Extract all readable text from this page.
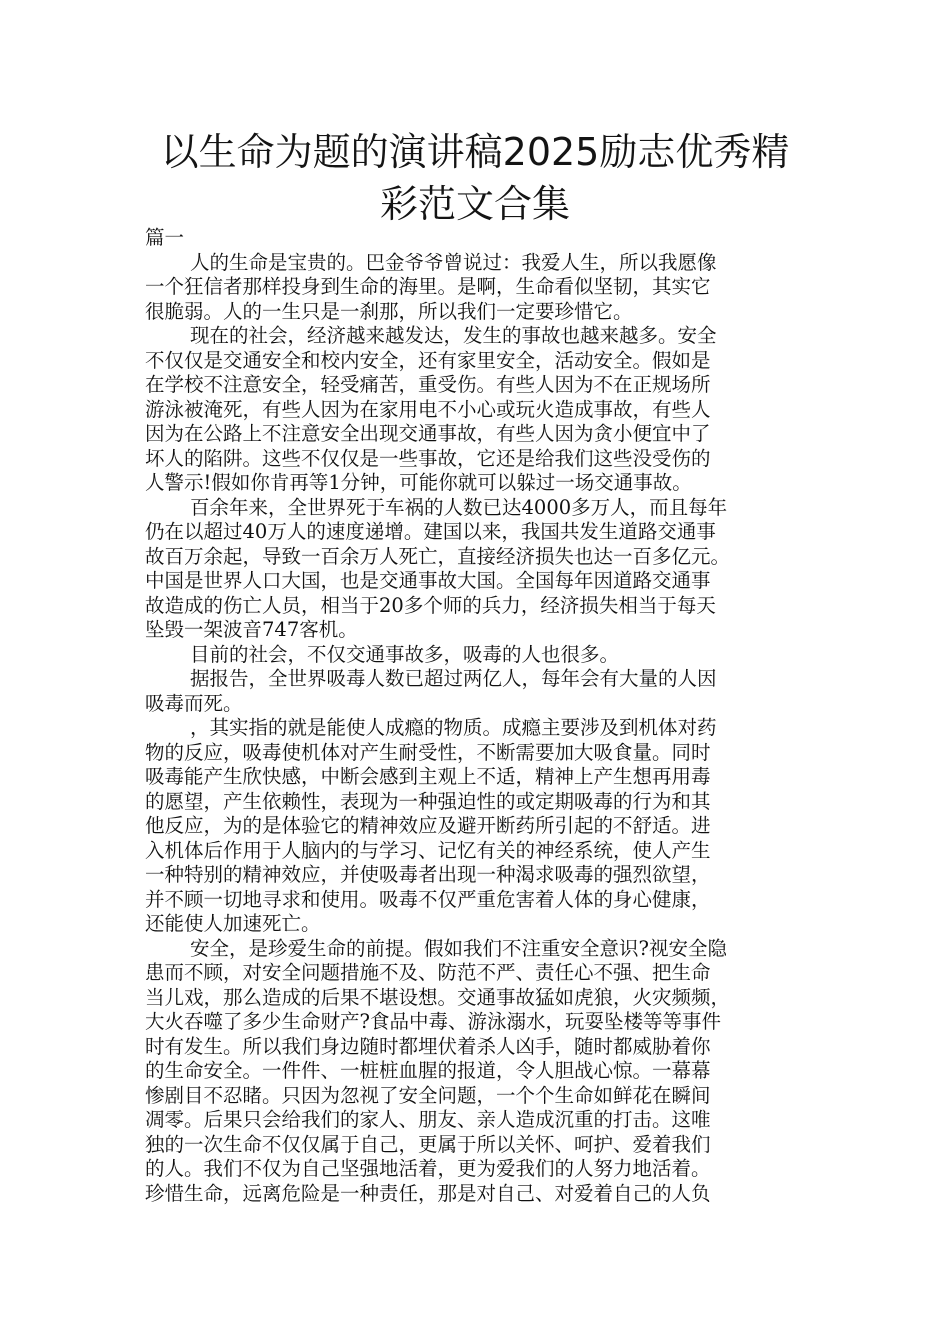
以生命为题的演讲稿2025励志优秀精
彩范文合集
篇一
人的生命是宝贵的。巴金爷爷曾说过：我爱人生，所以我愿像
一个狂信者那样投身到生命的海里。是啊，生命看似坚韧，其实它
很脆弱。人的一生只是一刹那，所以我们一定要珍惜它。
现在的社会，经济越来越发达，发生的事故也越来越多。安全
不仅仅是交通安全和校内安全，还有家里安全，活动安全。假如是
在学校不注意安全，轻受痛苦，重受伤。有些人因为不在正规场所
游泳被淹死，有些人因为在家用电不小心或玩火造成事故，有些人
因为在公路上不注意安全出现交通事故，有些人因为贪小便宜中了
坏人的陷阱。这些不仅仅是一些事故，它还是给我们这些没受伤的
人警示!假如你肯再等1分钟，可能你就可以躲过一场交通事故。
百余年来，全世界死于车祸的人数已达4000多万人，而且每年
仍在以超过40万人的速度递增。建国以来，我国共发生道路交通事
故百万余起，导致一百余万人死亡，直接经济损失也达一百多亿元。
中国是世界人口大国，也是交通事故大国。全国每年因道路交通事
故造成的伤亡人员，相当于20多个师的兵力，经济损失相当于每天
坠毁一架波音747客机。
目前的社会，不仅交通事故多，吸毒的人也很多。
据报告，全世界吸毒人数已超过两亿人，每年会有大量的人因
吸毒而死。
，其实指的就是能使人成瘾的物质。成瘾主要涉及到机体对药
物的反应，吸毒使机体对产生耐受性，不断需要加大吸食量。同时
吸毒能产生欣快感，中断会感到主观上不适，精神上产生想再用毒
的愿望，产生依赖性，表现为一种强迫性的或定期吸毒的行为和其
他反应，为的是体验它的精神效应及避开断药所引起的不舒适。进
入机体后作用于人脑内的与学习、记忆有关的神经系统，使人产生
一种特别的精神效应，并使吸毒者出现一种渴求吸毒的强烈欲望，
并不顾一切地寻求和使用。吸毒不仅严重危害着人体的身心健康，
还能使人加速死亡。
安全，是珍爱生命的前提。假如我们不注重安全意识?视安全隐
患而不顾，对安全问题措施不及、防范不严、责任心不强、把生命
当儿戏，那么造成的后果不堪设想。交通事故猛如虎狼，火灾频频，
大火吞噬了多少生命财产?食品中毒、游泳溺水，玩耍坠楼等等事件
时有发生。所以我们身边随时都埋伏着杀人凶手，随时都威胁着你
的生命安全。一件件、一桩桩血腥的报道，令人胆战心惊。一幕幕
惨剧目不忍睹。只因为忽视了安全问题，一个个生命如鲜花在瞬间
凋零。后果只会给我们的家人、朋友、亲人造成沉重的打击。这唯
独的一次生命不仅仅属于自己，更属于所以关怀、呵护、爱着我们
的人。我们不仅为自己坚强地活着，更为爱我们的人努力地活着。
珍惜生命，远离危险是一种责任，那是对自己、对爱着自己的人负
